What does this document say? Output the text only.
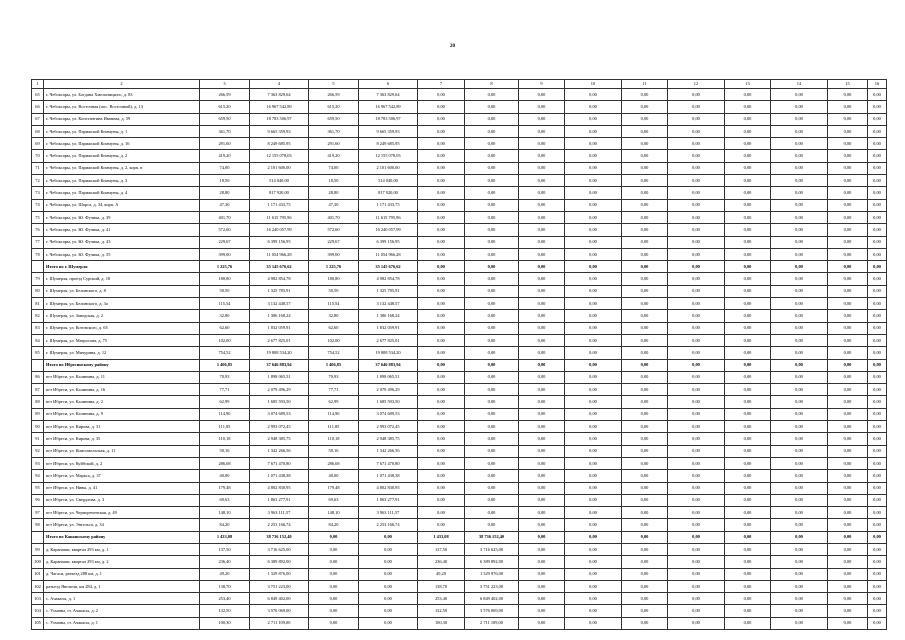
20
1	2	3	4	5	6	7	8	9	10	11	12	13	14	15	16
65	г. Чебоксары, ул. Богдана Хмельницкого, д. 83	266,59	7 363 829,64	266,59	7 363 829,64	0,00	0,00	0,00	0,00	0,00	0,00	0,00	0,00	0,00	0,00
66	г. Чебоксары, ул. Восточная (пос. Восточный), д. 13	615,20	16 967 542,89	615,20	16 967 542,89	0,00	0,00	0,00	0,00	0,00	0,00	0,00	0,00	0,00	0,00
67	г. Чебоксары, ул. Константина Иванова, д. 59	659,50	18 783 506,97	659,50	18 783 506,97	0,00	0,00	0,00	0,00	0,00	0,00	0,00	0,00	0,00	0,00
68	г. Чебоксары, ул. Парижской Коммуны, д. 1	361,70	9 665 359,93	361,70	9 665 359,93	0,00	0,00	0,00	0,00	0,00	0,00	0,00	0,00	0,00	0,00
69	г. Чебоксары, ул. Парижской Коммуны, д. 16	291,60	8 249 685,95	291,60	8 249 685,95	0,00	0,00	0,00	0,00	0,00	0,00	0,00	0,00	0,00	0,00
70	г. Чебоксары, ул. Парижской Коммуны, д. 2	419,20	12 155 078,03	419,20	12 155 078,03	0,00	0,00	0,00	0,00	0,00	0,00	0,00	0,00	0,00	0,00
71	г. Чебоксары, ул. Парижской Коммуны, д. 2, корп. в	74,00	2 101 600,00	74,00	2 101 600,00	0,00	0,00	0,00	0,00	0,00	0,00	0,00	0,00	0,00	0,00
72	г. Чебоксары, ул. Парижской Коммуны, д. 3	18,50	514 040,00	18,50	514 040,00	0,00	0,00	0,00	0,00	0,00	0,00	0,00	0,00	0,00	0,00
73	г. Чебоксары, ул. Парижской Коммуны, д. 4	28,80	817 920,00	28,80	817 920,00	0,00	0,00	0,00	0,00	0,00	0,00	0,00	0,00	0,00	0,00
74	г. Чебоксары, ул. Шорса, д. 34, корп. А	47,30	1 171 433,75	47,30	1 171 433,75	0,00	0,00	0,00	0,00	0,00	0,00	0,00	0,00	0,00	0,00
75	г. Чебоксары, ул. Ю. Фучика, д. 39	401,70	11 615 795,96	401,70	11 615 795,96	0,00	0,00	0,00	0,00	0,00	0,00	0,00	0,00	0,00	0,00
76	г. Чебоксары, ул. Ю. Фучика, д. 41	572,60	16 240 057,99	572,60	16 240 057,99	0,00	0,00	0,00	0,00	0,00	0,00	0,00	0,00	0,00	0,00
77	г. Чебоксары, ул. Ю. Фучика, д. 43	229,67	6 399 156,95	229,67	6 399 156,95	0,00	0,00	0,00	0,00	0,00	0,00	0,00	0,00	0,00	0,00
78	г. Чебоксары, ул. Ю. Фучика, д. 55	399,00	11 054 966,28	399,00	11 054 966,28	0,00	0,00	0,00	0,00	0,00	0,00	0,00	0,00	0,00	0,00
	Итого по г. Шумерля	1 225,76	35 145 676,62	1 225,76	35 145 676,62	0,00	0,00	0,00	0,00	0,00	0,00	0,00	0,00	0,00	0,00
79	г. Шумерля, проезд Сурский, д. 18	180,80	4 982 854,78	180,80	4 982 854,78	0,00	0,00	0,00	0,00	0,00	0,00	0,00	0,00	0,00	0,00
80	г. Шумерля, ул. Белинского, д. 8	50,50	1 325 785,91	50,50	1 325 785,91	0,00	0,00	0,00	0,00	0,00	0,00	0,00	0,00	0,00	0,00
81	г. Шумерля, ул. Белинского, д. 3а	115,54	3 132 448,57	115,54	3 132 448,57	0,00	0,00	0,00	0,00	0,00	0,00	0,00	0,00	0,00	0,00
82	г. Шумерля, ул. Заводская, д. 2	32,80	1 386 168,24	32,80	1 386 168,24	0,00	0,00	0,00	0,00	0,00	0,00	0,00	0,00	0,00	0,00
83	г. Шумерля, ул. Котовского, д. 63	62,60	1 832 059,91	62,60	1 832 059,91	0,00	0,00	0,00	0,00	0,00	0,00	0,00	0,00	0,00	0,00
84	г. Шумерля, ул. Матросова, д. 75	102,00	2 677 825,01	102,00	2 677 825,01	0,00	0,00	0,00	0,00	0,00	0,00	0,00	0,00	0,00	0,00
85	г. Шумерля, ул. Мичурина, д. 12	754,52	19 808 534,20	754,52	19 808 534,20	0,00	0,00	0,00	0,00	0,00	0,00	0,00	0,00	0,00	0,00
	Итого по Ибресинскому району	1 406,85	37 646 883,94	1 406,85	37 646 883,94	0,00	0,00	0,00	0,00	0,00	0,00	0,00	0,00	0,00	0,00
86	пгт Ибреси, ул. Калинина, д. 11	70,93	1 898 065,51	70,93	1 898 065,51	0,00	0,00	0,00	0,00	0,00	0,00	0,00	0,00	0,00	0,00
87	пгт Ибреси, ул. Калинина, д. 16	77,71	2 079 496,29	77,71	2 079 496,29	0,00	0,00	0,00	0,00	0,00	0,00	0,00	0,00	0,00	0,00
88	пгт Ибреси, ул. Калинина, д. 2	62,99	1 685 593,50	62,99	1 685 593,50	0,00	0,00	0,00	0,00	0,00	0,00	0,00	0,00	0,00	0,00
89	пгт Ибреси, ул. Калинина, д. 9	114,90	3 074 689,53	114,90	3 074 689,53	0,00	0,00	0,00	0,00	0,00	0,00	0,00	0,00	0,00	0,00
90	пгт Ибреси, ул. Кирова, д. 31	111,85	2 993 072,45	111,85	2 993 072,45	0,00	0,00	0,00	0,00	0,00	0,00	0,00	0,00	0,00	0,00
91	пгт Ибреси, ул. Кирова, д. 35	110,18	2 948 385,75	110,18	2 948 385,75	0,00	0,00	0,00	0,00	0,00	0,00	0,00	0,00	0,00	0,00
92	пгт Ибреси, ул. Комсомольская, д. 11	50,16	1 342 266,56	50,16	1 342 266,56	0,00	0,00	0,00	0,00	0,00	0,00	0,00	0,00	0,00	0,00
93	пгт Ибреси, ул. Куйбской, д. 2	286,68	7 671 470,80	286,68	7 671 470,80	0,00	0,00	0,00	0,00	0,00	0,00	0,00	0,00	0,00	0,00
94	пгт Ибреси, ул. Маркса, д. 37	40,00	1 071 438,38	40,00	1 071 438,38	0,00	0,00	0,00	0,00	0,00	0,00	0,00	0,00	0,00	0,00
95	пгт Ибреси, ул. Нивы, д. 41	179,48	4 802 830,95	179,48	4 802 830,95	0,00	0,00	0,00	0,00	0,00	0,00	0,00	0,00	0,00	0,00
96	пгт Ибреси, ул. Свердлова, д. 3	69,63	1 863 277,91	69,63	1 863 277,91	0,00	0,00	0,00	0,00	0,00	0,00	0,00	0,00	0,00	0,00
97	пгт Ибреси, ул. Чернореченская, д. 49	148,10	3 963 111,57	148,10	3 963 111,57	0,00	0,00	0,00	0,00	0,00	0,00	0,00	0,00	0,00	0,00
98	пгт Ибреси, ул. Энгельса, д. 34	84,20	2 253 166,74	84,20	2 253 166,74	0,00	0,00	0,00	0,00	0,00	0,00	0,00	0,00	0,00	0,00
	Итого по Канашскому району	1 433,08	38 736 152,40	0,00	0,00	1 433,08	38 736 152,40	0,00	0,00	0,00	0,00	0,00	0,00	0,00	0,00
99	д. Каранаши, квартал 293 км, д. 1	137,50	3 716 625,00	0,00	0,00	137,50	3 716 625,00	0,00	0,00	0,00	0,00	0,00	0,00	0,00	0,00
100	д. Каранаши, квартал 293 км, д. 2	236,40	6 389 892,00	0,00	0,00	236,40	6 389 892,00	0,00	0,00	0,00	0,00	0,00	0,00	0,00	0,00
101	д. Чагаси, разъезд 288 км, д. 1	49,20	1 329 876,00	0,00	0,00	49,20	1 329 876,00	0,00	0,00	0,00	0,00	0,00	0,00	0,00	0,00
102	разъезд Янгличи, км 284, д. 1	138,70	3 751 223,00	0,00	0,00	138,70	3 751 223,00	0,00	0,00	0,00	0,00	0,00	0,00	0,00	0,00
103	с. Ачакасы, д. 1	253,40	6 849 402,00	0,00	0,00	253,40	6 849 402,00	0,00	0,00	0,00	0,00	0,00	0,00	0,00	0,00
104	с. Ухманы, ст. Ачакасы, д. 2	132,50	3 576 069,00	0,00	0,00	132,50	3 576 069,00	0,00	0,00	0,00	0,00	0,00	0,00	0,00	0,00
105	с. Ухманы, ст. Ачакасы, д. 1	100,30	2 711 109,00	0,00	0,00	100,30	2 711 109,00	0,00	0,00	0,00	0,00	0,00	0,00	0,00	0,00
